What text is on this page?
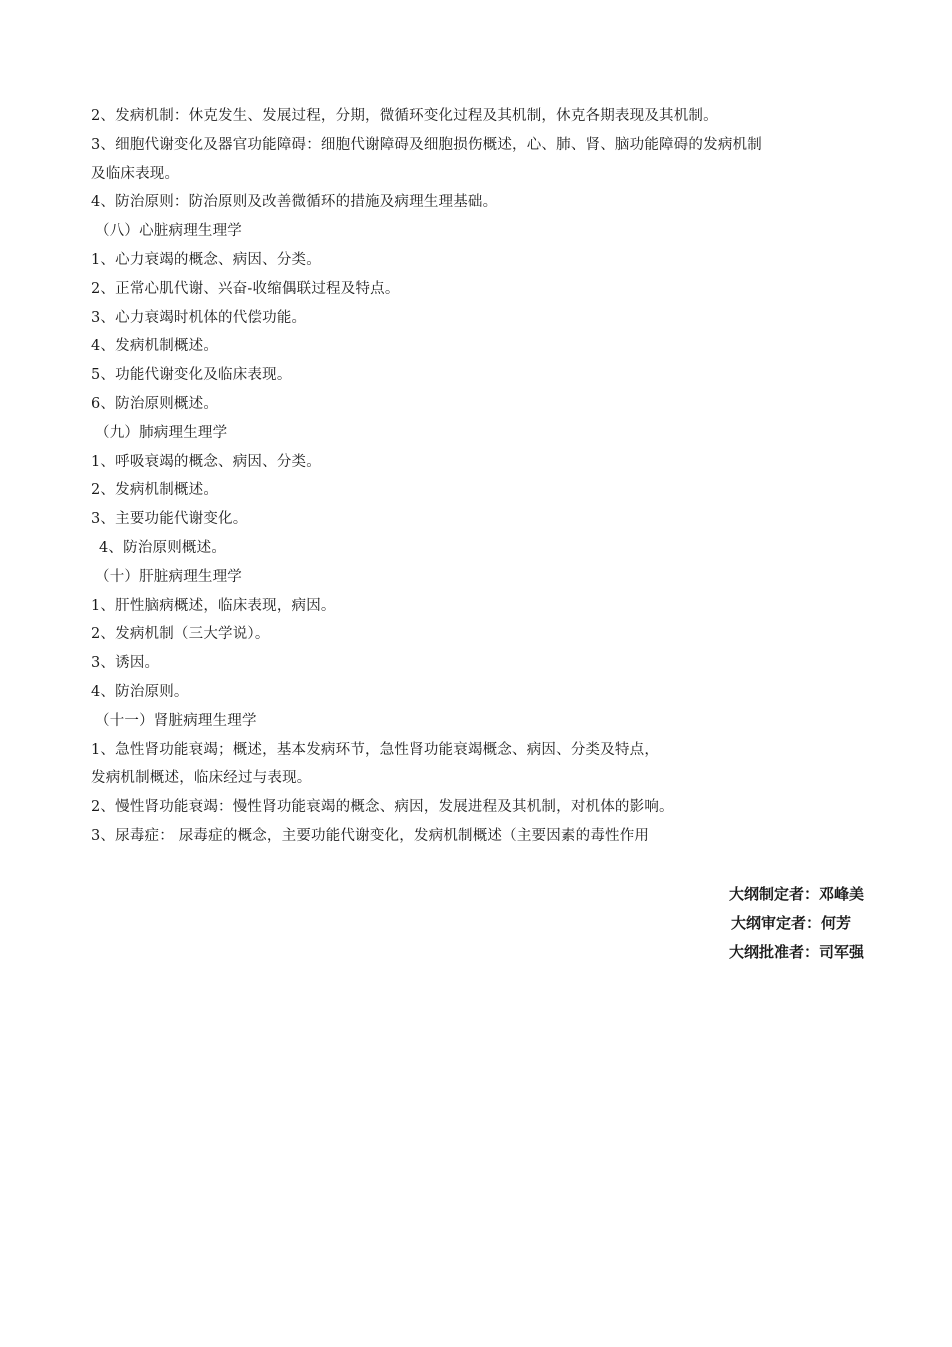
2、发病机制：休克发生、发展过程，分期，微循环变化过程及其机制，休克各期表现及其机制。
3、细胞代谢变化及器官功能障碍：细胞代谢障碍及细胞损伤概述，心、肺、肾、脑功能障碍的发病机制
及临床表现。
4、防治原则：防治原则及改善微循环的措施及病理生理基础。
（八）心脏病理生理学
1、心力衰竭的概念、病因、分类。
2、正常心肌代谢、兴奋-收缩偶联过程及特点。
3、心力衰竭时机体的代偿功能。
4、发病机制概述。
5、功能代谢变化及临床表现。
6、防治原则概述。
（九）肺病理生理学
1、呼吸衰竭的概念、病因、分类。
2、发病机制概述。
3、主要功能代谢变化。
4、防治原则概述。
（十）肝脏病理生理学
1、肝性脑病概述，临床表现，病因。
2、发病机制（三大学说）。
3、诱因。
4、防治原则。
（十一）肾脏病理生理学
1、急性肾功能衰竭；概述，基本发病环节，急性肾功能衰竭概念、病因、分类及特点，
发病机制概述，临床经过与表现。
2、慢性肾功能衰竭：慢性肾功能衰竭的概念、病因，发展进程及其机制，对机体的影响。
3、尿毒症： 尿毒症的概念，主要功能代谢变化，发病机制概述（主要因素的毒性作用
大纲制定者：邓峰美
大纲审定者：何芳
大纲批准者：司军强
